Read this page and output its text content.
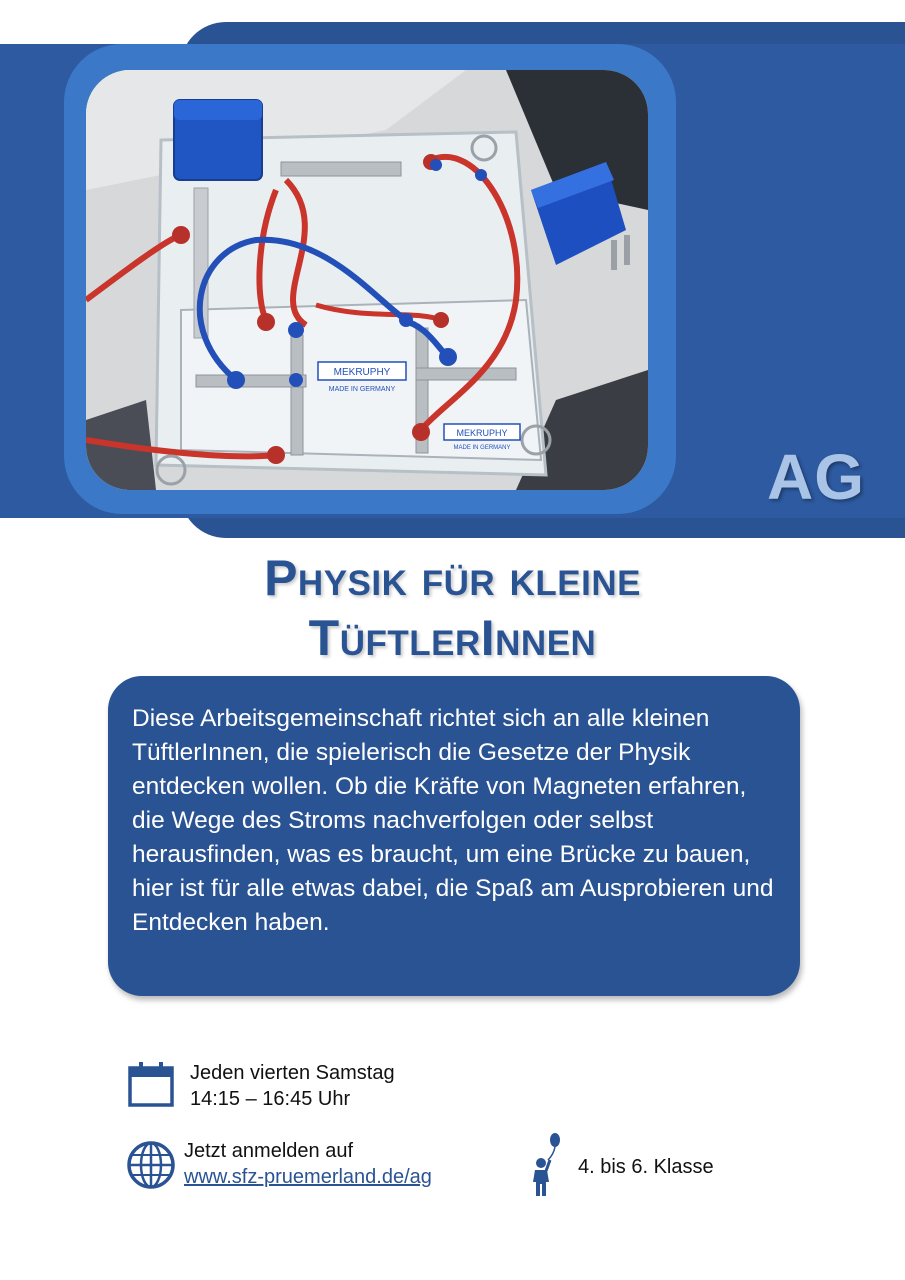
MEKRUPHY
MADE IN GERMANY
MEKRUPHY
MADE IN GERMANY	AG
Physik für kleine
TüftlerInnen

Diese Arbeitsgemeinschaft richtet sich an alle kleinen TüftlerInnen, die spielerisch die Gesetze der Physik entdecken wollen. Ob die Kräfte von Magneten erfahren, die Wege des Stroms nachverfolgen oder selbst herausfinden, was es braucht, um eine Brücke zu bauen, hier ist für alle etwas dabei, die Spaß am Ausprobieren und Entdecken haben.

Jeden vierten Samstag
14:15 – 16:45 Uhr
Jetzt anmelden auf
www.sfz-pruemerland.de/ag	4. bis 6. Klasse
